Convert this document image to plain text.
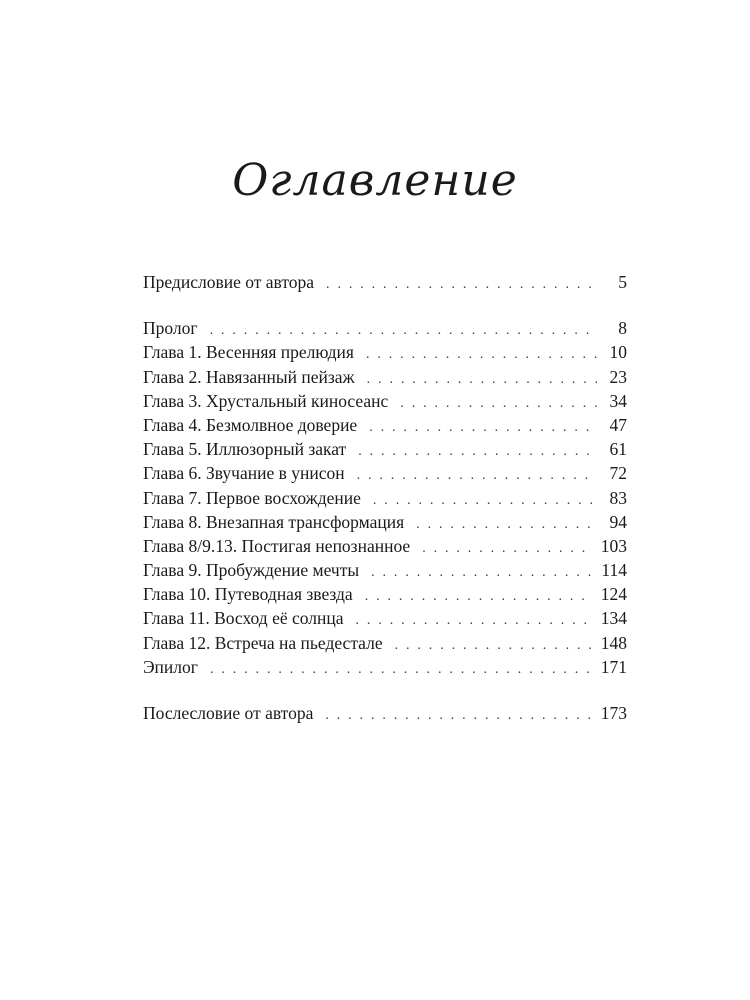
Оглавление
Предисловие от автора . . .	5
Пролог . . .	8
Глава 1. Весенняя прелюдия . . .	10
Глава 2. Навязанный пейзаж . . .	23
Глава 3. Хрустальный киносеанс . . .	34
Глава 4. Безмолвное доверие . . .	47
Глава 5. Иллюзорный закат . . .	61
Глава 6. Звучание в унисон . . .	72
Глава 7. Первое восхождение . . .	83
Глава 8. Внезапная трансформация . . .	94
Глава 8/9.13. Постигая непознанное . . .	103
Глава 9. Пробуждение мечты . . .	114
Глава 10. Путеводная звезда . . .	124
Глава 11. Восход её солнца . . .	134
Глава 12. Встреча на пьедестале . . .	148
Эпилог . . .	171
Послесловие от автора . . .	173
